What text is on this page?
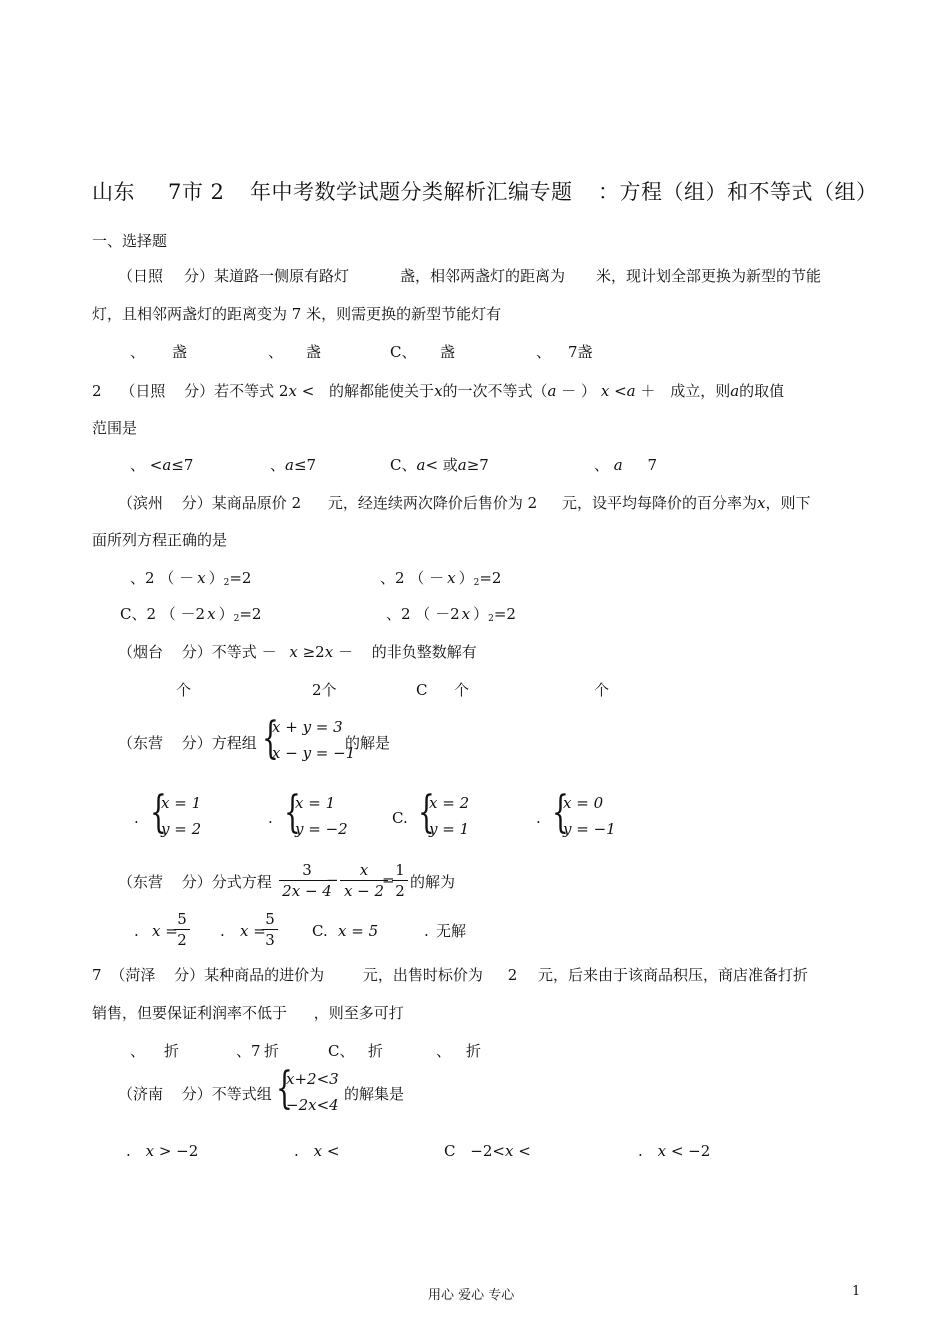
山东 7市 2 年中考数学试题分类解析汇编专题 ：方程（组）和不等式（组）
一、选择题
（日照 分）某道路一侧原有路灯	盏，相邻两盏灯的距离为 米，现计划全部更换为新型的节能
灯，且相邻两盏灯的距离变为 7 米，则需更换的新型节能灯有
、 盏	、 盏	C、 盏	、 7盏
2 （日照 分）若不等式 2x < 的解都能使关于x的一次不等式（a － ） x <a ＋ 成立，则a的取值
范围是
、 <a≤7	、a≤7	C、a< 或a≥7	、 a 7
（滨州 分）某商品原价 2 元，经连续两次降价后售价为 2 元，设平均每降价的百分率为x，则下
面所列方程正确的是
、2 （ － x ）2=2	、2 （ － x ）2=2
C、2 （ －2 x ）2=2	、2 （ －2 x ）2=2
（烟台 分）不等式 － x ≥2x － 的非负整数解有
个	2个	C 个	个
（东营 分）方程组 {
x + y = 3
x − y = −1
的解是
. {
x = 1
y = 2
. {
x = 1
y = −2
C. {
x = 2
y = 1
. {
x = 0
y = −1
（东营 分）分式方程
3
2x − 4
−
x
x − 2
=
1
2 的解为
. x =
5
2 . x =
5
3 C. x = 5	. 无解
7 （菏泽 分）某种商品的进价为	元，出售时标价为 2 元，后来由于该商品积压，商店准备打折
销售，但要保证利润率不低于 ，则至多可打
、 折	、7 折	C、 折	、 折
（济南 分）不等式组 {
x+2<3
−2x<4
的解集是
. x > −2	. x <	C −2<x <	. x < −2
用心 爱心 专心	1
